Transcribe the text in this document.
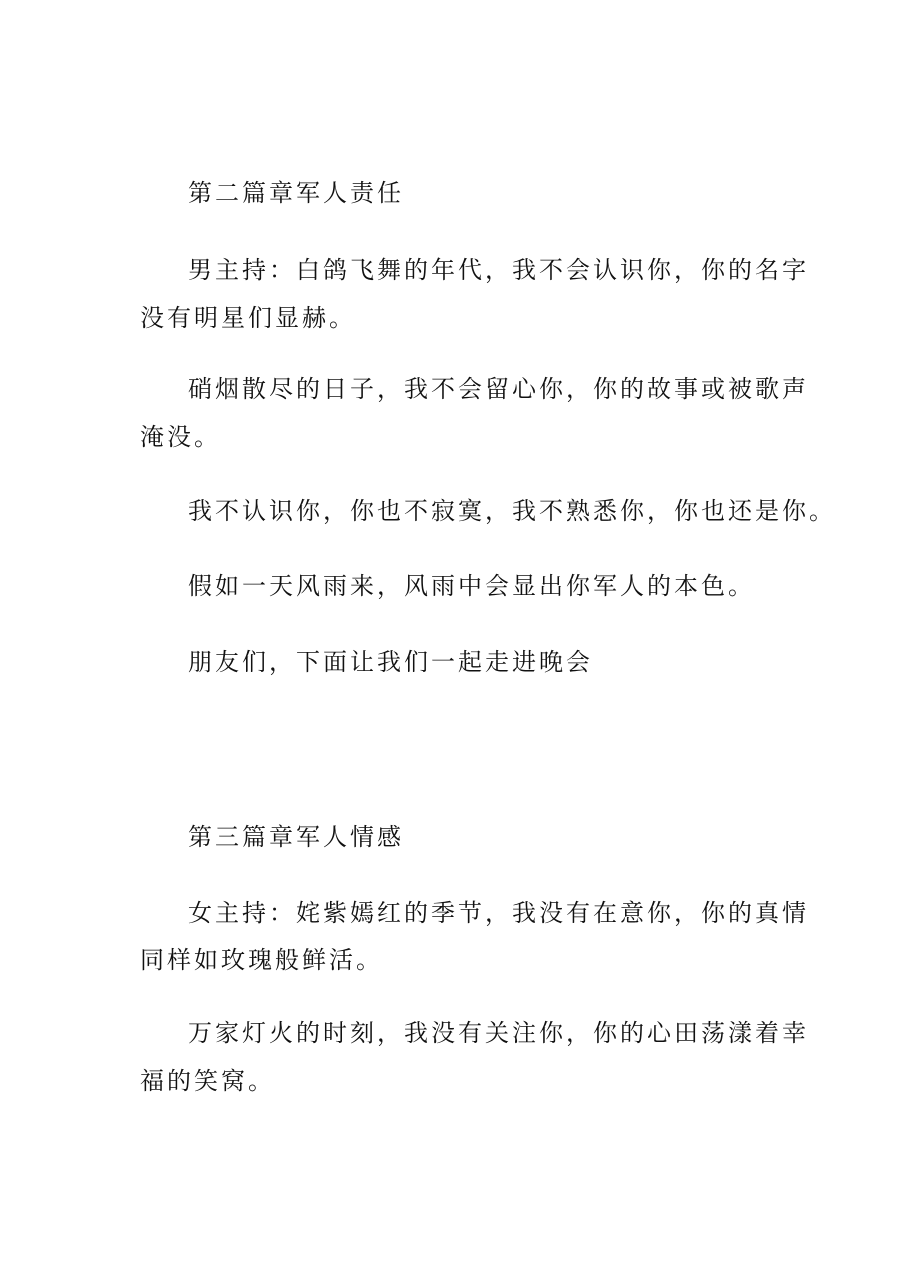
第二篇章军人责任

男主持：白鸽飞舞的年代，我不会认识你，你的名字

没有明星们显赫。

硝烟散尽的日子，我不会留心你，你的故事或被歌声

淹没。

我不认识你，你也不寂寞，我不熟悉你，你也还是你。

假如一天风雨来，风雨中会显出你军人的本色。

朋友们，下面让我们一起走进晚会

第三篇章军人情感

女主持：姹紫嫣红的季节，我没有在意你，你的真情

同样如玫瑰般鲜活。

万家灯火的时刻，我没有关注你，你的心田荡漾着幸

福的笑窝。
